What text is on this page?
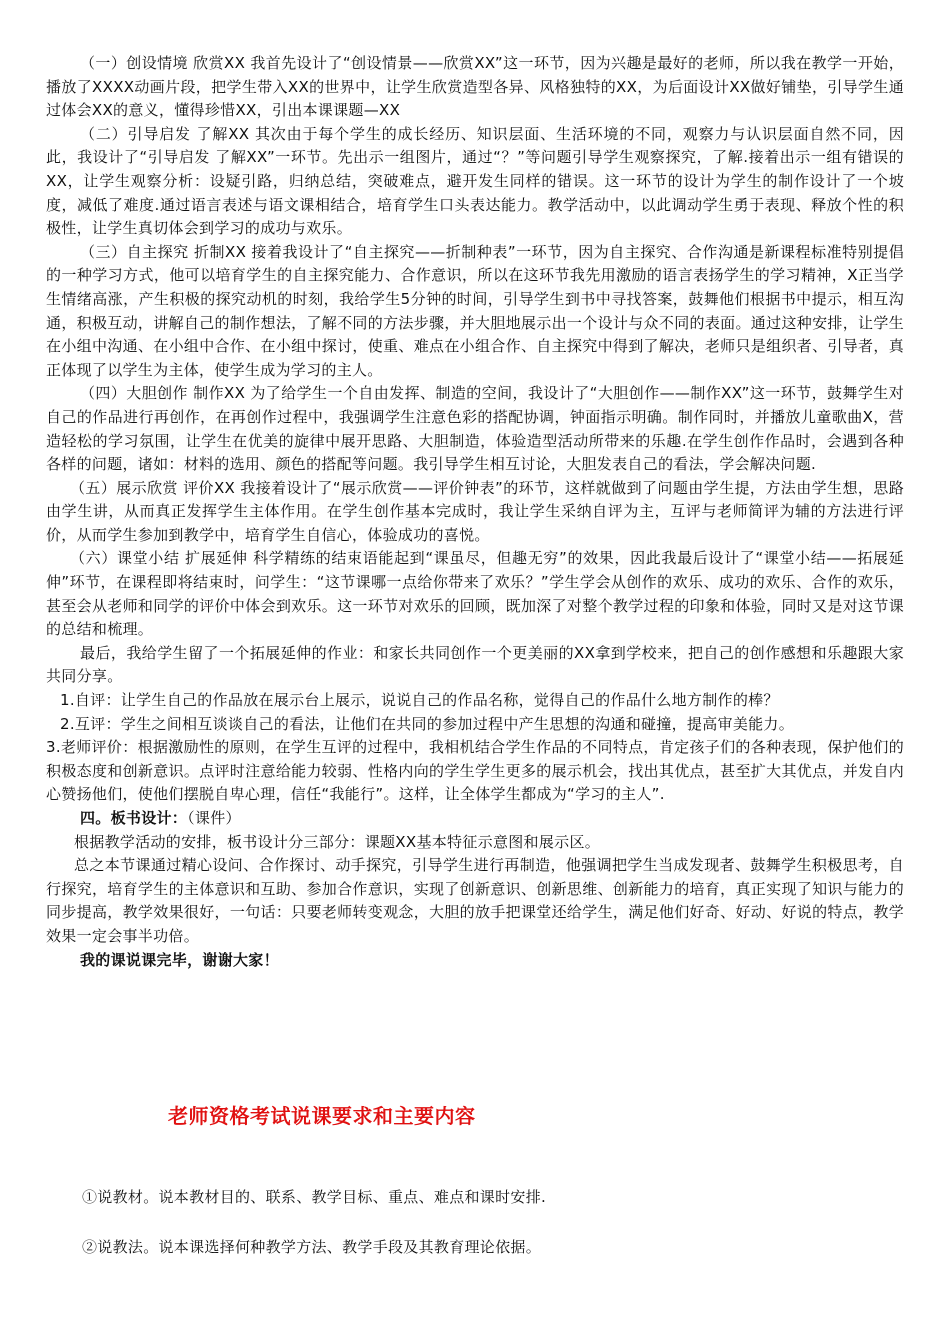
（一）创设情境 欣赏XX 我首先设计了“创设情景——欣赏XX”这一环节，因为兴趣是最好的老师，所以我在教学一开始，播放了XXXX动画片段，把学生带入XX的世界中，让学生欣赏造型各异、风格独特的XX，为后面设计XX做好铺垫，引导学生通过体会XX的意义，懂得珍惜XX，引出本课课题—XX

（二）引导启发 了解XX 其次由于每个学生的成长经历、知识层面、生活环境的不同，观察力与认识层面自然不同，因此，我设计了“引导启发 了解XX”一环节。先出示一组图片，通过“？”等问题引导学生观察探究，了解.接着出示一组有错误的XX，让学生观察分析：设疑引路，归纳总结，突破难点，避开发生同样的错误。这一环节的设计为学生的制作设计了一个坡度，减低了难度.通过语言表述与语文课相结合，培育学生口头表达能力。教学活动中，以此调动学生勇于表现、释放个性的积极性，让学生真切体会到学习的成功与欢乐。

（三）自主探究 折制XX 接着我设计了“自主探究——折制种表”一环节，因为自主探究、合作沟通是新课程标准特别提倡的一种学习方式，他可以培育学生的自主探究能力、合作意识，所以在这环节我先用激励的语言表扬学生的学习精神，X正当学生情绪高涨，产生积极的探究动机的时刻，我给学生5分钟的时间，引导学生到书中寻找答案，鼓舞他们根据书中提示，相互沟通，积极互动，讲解自己的制作想法，了解不同的方法步骤，并大胆地展示出一个设计与众不同的表面。通过这种安排，让学生在小组中沟通、在小组中合作、在小组中探讨，使重、难点在小组合作、自主探究中得到了解决，老师只是组织者、引导者，真正体现了以学生为主体，使学生成为学习的主人。

（四）大胆创作 制作XX 为了给学生一个自由发挥、制造的空间，我设计了“大胆创作——制作XX”这一环节，鼓舞学生对自己的作品进行再创作，在再创作过程中，我强调学生注意色彩的搭配协调，钟面指示明确。制作同时，并播放儿童歌曲X，营造轻松的学习氛围，让学生在优美的旋律中展开思路、大胆制造，体验造型活动所带来的乐趣.在学生创作作品时，会遇到各种各样的问题，诸如：材料的选用、颜色的搭配等问题。我引导学生相互讨论，大胆发表自己的看法，学会解决问题.

（五）展示欣赏 评价XX 我接着设计了“展示欣赏——评价钟表”的环节，这样就做到了问题由学生提，方法由学生想，思路由学生讲，从而真正发挥学生主体作用。在学生创作基本完成时，我让学生采纳自评为主，互评与老师简评为辅的方法进行评价，从而学生参加到教学中，培育学生自信心，体验成功的喜悦。

（六）课堂小结 扩展延伸 科学精练的结束语能起到“课虽尽，但趣无穷”的效果，因此我最后设计了“课堂小结——拓展延伸”环节，在课程即将结束时，问学生：“这节课哪一点给你带来了欢乐？”学生学会从创作的欢乐、成功的欢乐、合作的欢乐，甚至会从老师和同学的评价中体会到欢乐。这一环节对欢乐的回顾，既加深了对整个教学过程的印象和体验，同时又是对这节课的总结和梳理。

最后，我给学生留了一个拓展延伸的作业：和家长共同创作一个更美丽的XX拿到学校来，把自己的创作感想和乐趣跟大家共同分享。

1.自评：让学生自己的作品放在展示台上展示，说说自己的作品名称，觉得自己的作品什么地方制作的棒？

2.互评：学生之间相互谈谈自己的看法，让他们在共同的参加过程中产生思想的沟通和碰撞，提高审美能力。

3.老师评价：根据激励性的原则，在学生互评的过程中，我相机结合学生作品的不同特点，肯定孩子们的各种表现，保护他们的积极态度和创新意识。点评时注意给能力较弱、性格内向的学生学生更多的展示机会，找出其优点，甚至扩大其优点，并发自内心赞扬他们，使他们摆脱自卑心理，信任“我能行”。这样，让全体学生都成为“学习的主人”.

四。板书设计：（课件）

根据教学活动的安排，板书设计分三部分：课题XX基本特征示意图和展示区。

总之本节课通过精心设问、合作探讨、动手探究，引导学生进行再制造，他强调把学生当成发现者、鼓舞学生积极思考，自行探究，培育学生的主体意识和互助、参加合作意识，实现了创新意识、创新思维、创新能力的培育，真正实现了知识与能力的同步提高，教学效果很好，一句话：只要老师转变观念，大胆的放手把课堂还给学生，满足他们好奇、好动、好说的特点，教学效果一定会事半功倍。

我的课说课完毕，谢谢大家！

老师资格考试说课要求和主要内容
①说教材。说本教材目的、联系、教学目标、重点、难点和课时安排.
②说教法。说本课选择何种教学方法、教学手段及其教育理论依据。
